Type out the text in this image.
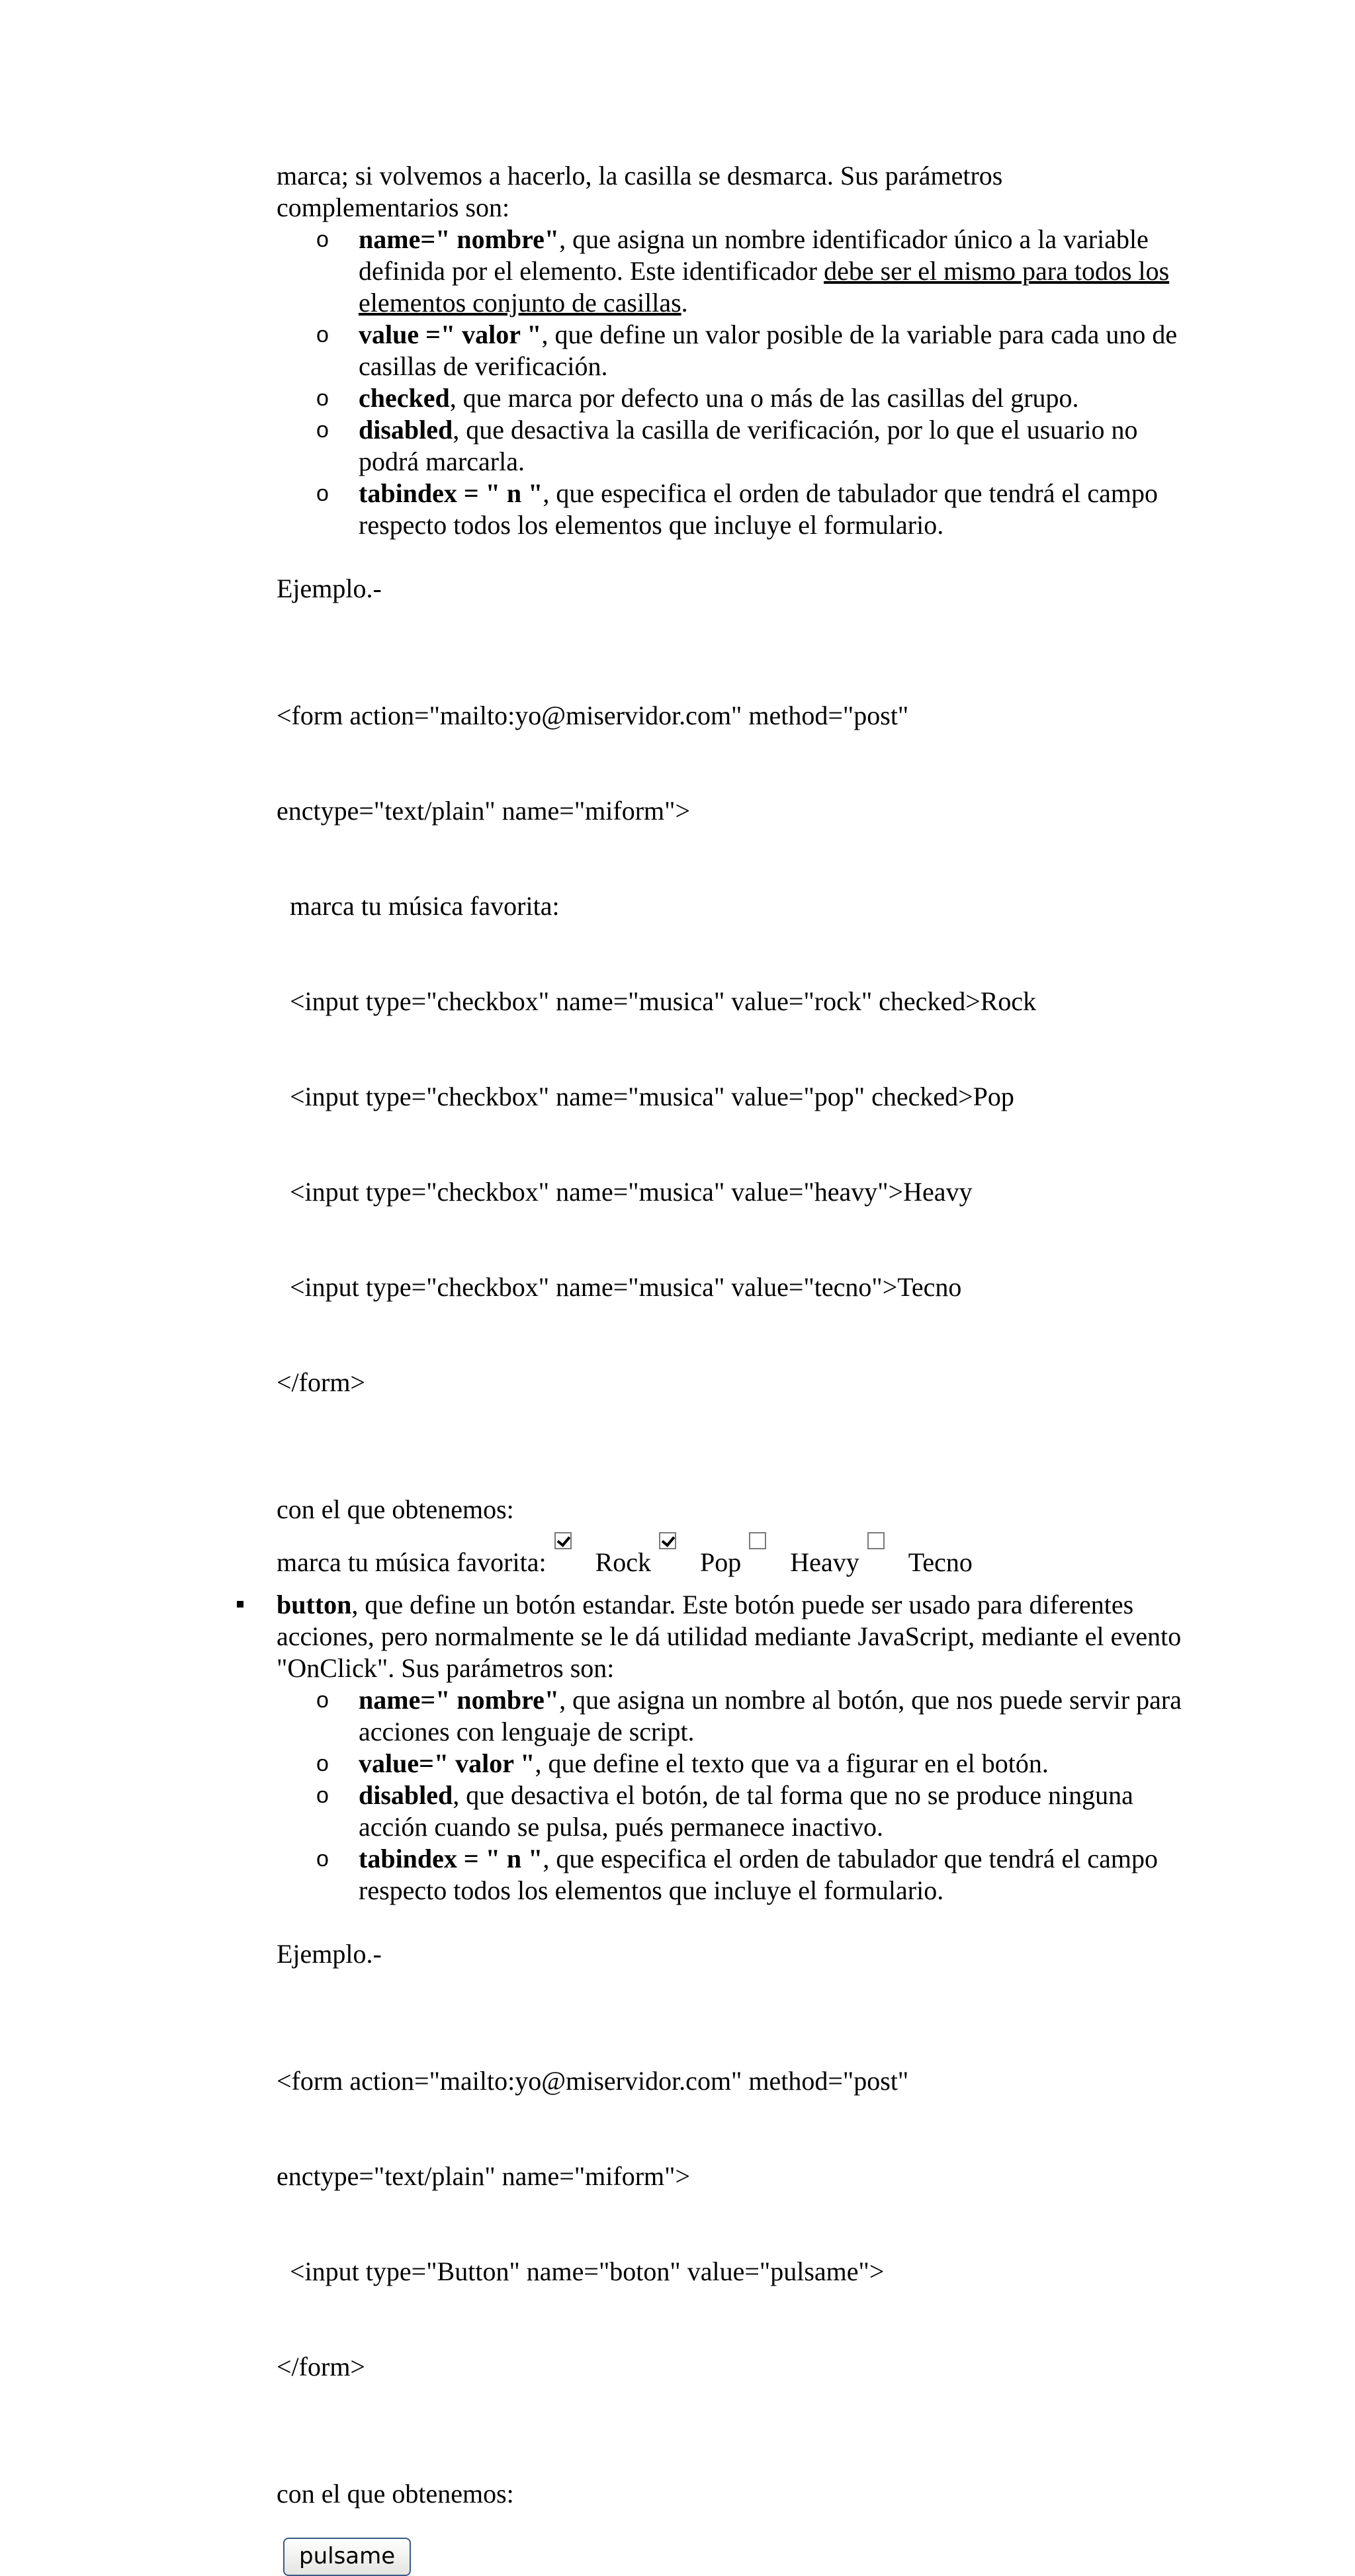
marca; si volvemos a hacerlo, la casilla se desmarca. Sus parámetros complementarios son:

o name=" nombre", que asigna un nombre identificador único a la variable definida por el elemento. Este identificador debe ser el mismo para todos los elementos conjunto de casillas.
o value =" valor ", que define un valor posible de la variable para cada uno de casillas de verificación.
o checked, que marca por defecto una o más de las casillas del grupo.
o disabled, que desactiva la casilla de verificación, por lo que el usuario no podrá marcarla.
o tabindex = " n ", que especifica el orden de tabulador que tendrá el campo respecto todos los elementos que incluye el formulario.

Ejemplo.-

<form action="mailto:yo@miservidor.com" method="post"

enctype="text/plain" name="miform">

marca tu música favorita:

<input type="checkbox" name="musica" value="rock" checked>Rock

<input type="checkbox" name="musica" value="pop" checked>Pop

<input type="checkbox" name="musica" value="heavy">Heavy

<input type="checkbox" name="musica" value="tecno">Tecno

</form>

con el que obtenemos:

marca tu música favorita: Rock Pop Heavy Tecno

button, que define un botón estandar. Este botón puede ser usado para diferentes acciones, pero normalmente se le dá utilidad mediante JavaScript, mediante el evento "OnClick". Sus parámetros son:

o name=" nombre", que asigna un nombre al botón, que nos puede servir para acciones con lenguaje de script.
o value=" valor ", que define el texto que va a figurar en el botón.
o disabled, que desactiva el botón, de tal forma que no se produce ninguna acción cuando se pulsa, pués permanece inactivo.
o tabindex = " n ", que especifica el orden de tabulador que tendrá el campo respecto todos los elementos que incluye el formulario.

Ejemplo.-

<form action="mailto:yo@miservidor.com" method="post"

enctype="text/plain" name="miform">

<input type="Button" name="boton" value="pulsame">

</form>

con el que obtenemos:

pulsame
